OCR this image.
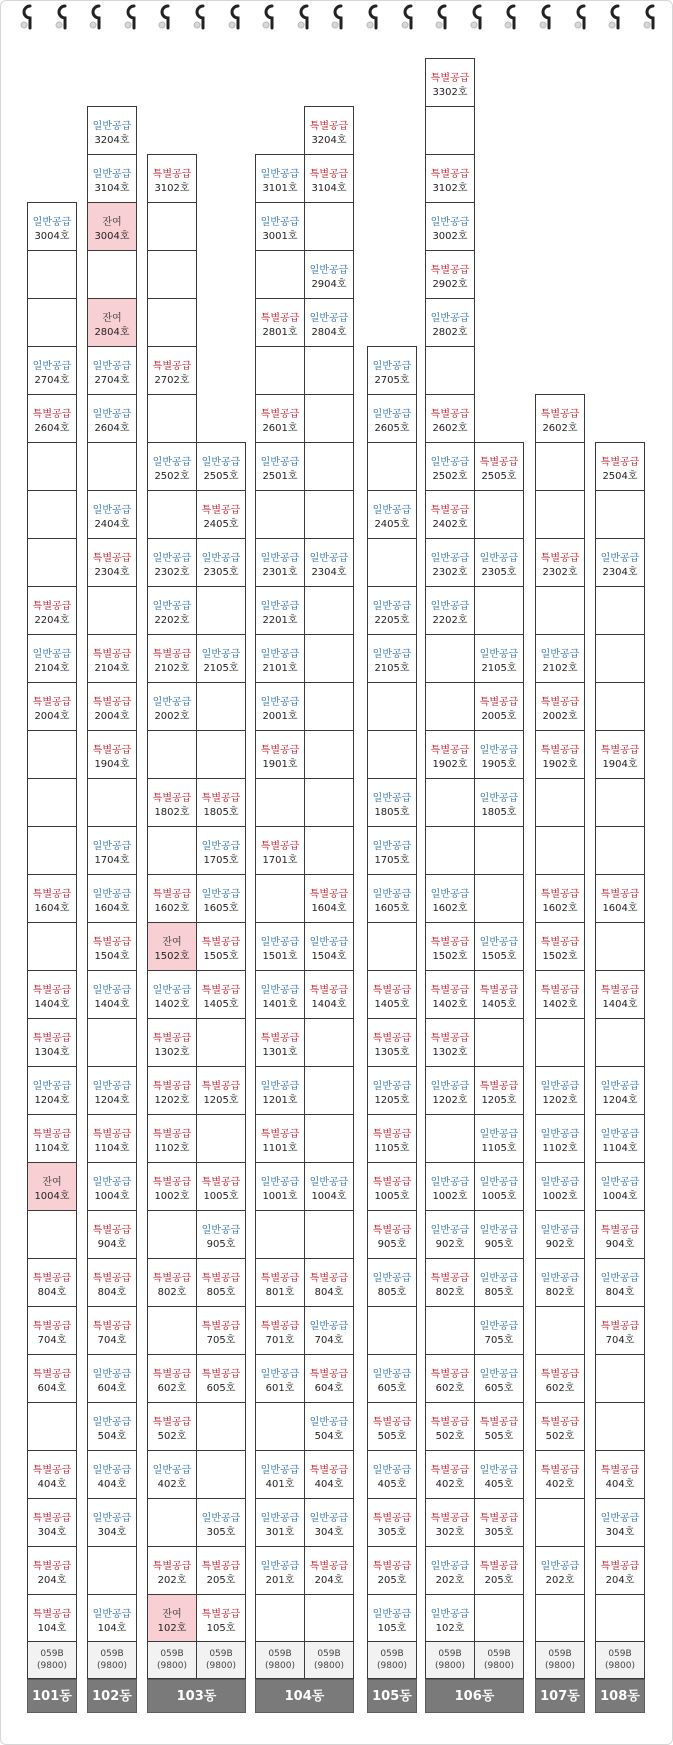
특별공급
104호
특별공급
204호
특별공급
304호
특별공급
404호
특별공급
604호
특별공급
704호
특별공급
804호
잔여
1004호
특별공급
1104호
일반공급
1204호
특별공급
1304호
특별공급
1404호
특별공급
1604호
특별공급
2004호
일반공급
2104호
특별공급
2204호
특별공급
2604호
일반공급
2704호
일반공급
3004호
059B
(9800)
101동
일반공급
104호
일반공급
304호
일반공급
404호
일반공급
504호
일반공급
604호
특별공급
704호
특별공급
804호
특별공급
904호
일반공급
1004호
특별공급
1104호
일반공급
1204호
일반공급
1404호
특별공급
1504호
일반공급
1604호
일반공급
1704호
특별공급
1904호
특별공급
2004호
특별공급
2104호
특별공급
2304호
일반공급
2404호
일반공급
2604호
일반공급
2704호
잔여
2804호
잔여
3004호
일반공급
3104호
일반공급
3204호
059B
(9800)
102동
잔여
102호
특별공급
202호
일반공급
402호
특별공급
502호
특별공급
602호
특별공급
802호
특별공급
1002호
특별공급
1102호
특별공급
1202호
특별공급
1302호
일반공급
1402호
잔여
1502호
특별공급
1602호
특별공급
1802호
일반공급
2002호
특별공급
2102호
일반공급
2202호
일반공급
2302호
일반공급
2502호
특별공급
2702호
특별공급
3102호
059B
(9800)
특별공급
105호
특별공급
205호
일반공급
305호
특별공급
605호
특별공급
705호
특별공급
805호
일반공급
905호
특별공급
1005호
특별공급
1205호
특별공급
1405호
특별공급
1505호
일반공급
1605호
일반공급
1705호
특별공급
1805호
일반공급
2105호
일반공급
2305호
특별공급
2405호
일반공급
2505호
059B
(9800)
103동
일반공급
201호
일반공급
301호
일반공급
401호
일반공급
601호
특별공급
701호
특별공급
801호
일반공급
1001호
특별공급
1101호
일반공급
1201호
특별공급
1301호
일반공급
1401호
일반공급
1501호
특별공급
1701호
특별공급
1901호
일반공급
2001호
일반공급
2101호
일반공급
2201호
일반공급
2301호
일반공급
2501호
특별공급
2601호
특별공급
2801호
일반공급
3001호
일반공급
3101호
059B
(9800)
특별공급
204호
일반공급
304호
특별공급
404호
일반공급
504호
특별공급
604호
일반공급
704호
특별공급
804호
일반공급
1004호
특별공급
1404호
일반공급
1504호
특별공급
1604호
일반공급
2304호
일반공급
2804호
일반공급
2904호
특별공급
3104호
특별공급
3204호
059B
(9800)
104동
일반공급
105호
특별공급
205호
특별공급
305호
일반공급
405호
특별공급
505호
일반공급
605호
일반공급
805호
특별공급
905호
특별공급
1005호
특별공급
1105호
일반공급
1205호
특별공급
1305호
특별공급
1405호
일반공급
1605호
일반공급
1705호
일반공급
1805호
일반공급
2105호
일반공급
2205호
일반공급
2405호
일반공급
2605호
일반공급
2705호
059B
(9800)
105동
일반공급
102호
일반공급
202호
특별공급
302호
특별공급
402호
특별공급
502호
특별공급
602호
특별공급
802호
일반공급
902호
일반공급
1002호
일반공급
1202호
특별공급
1302호
특별공급
1402호
특별공급
1502호
일반공급
1602호
특별공급
1902호
일반공급
2202호
일반공급
2302호
특별공급
2402호
일반공급
2502호
특별공급
2602호
일반공급
2802호
특별공급
2902호
일반공급
3002호
특별공급
3102호
특별공급
3302호
059B
(9800)
특별공급
205호
특별공급
305호
일반공급
405호
특별공급
505호
일반공급
605호
일반공급
705호
일반공급
805호
일반공급
905호
일반공급
1005호
일반공급
1105호
특별공급
1205호
특별공급
1405호
일반공급
1505호
일반공급
1805호
일반공급
1905호
특별공급
2005호
일반공급
2105호
일반공급
2305호
특별공급
2505호
059B
(9800)
106동
일반공급
202호
특별공급
402호
특별공급
502호
특별공급
602호
일반공급
802호
일반공급
902호
일반공급
1002호
일반공급
1102호
일반공급
1202호
특별공급
1402호
특별공급
1502호
특별공급
1602호
특별공급
1902호
특별공급
2002호
일반공급
2102호
특별공급
2302호
특별공급
2602호
059B
(9800)
107동
특별공급
204호
일반공급
304호
특별공급
404호
특별공급
704호
일반공급
804호
특별공급
904호
일반공급
1004호
일반공급
1104호
일반공급
1204호
특별공급
1404호
특별공급
1604호
특별공급
1904호
일반공급
2304호
특별공급
2504호
059B
(9800)
108동
